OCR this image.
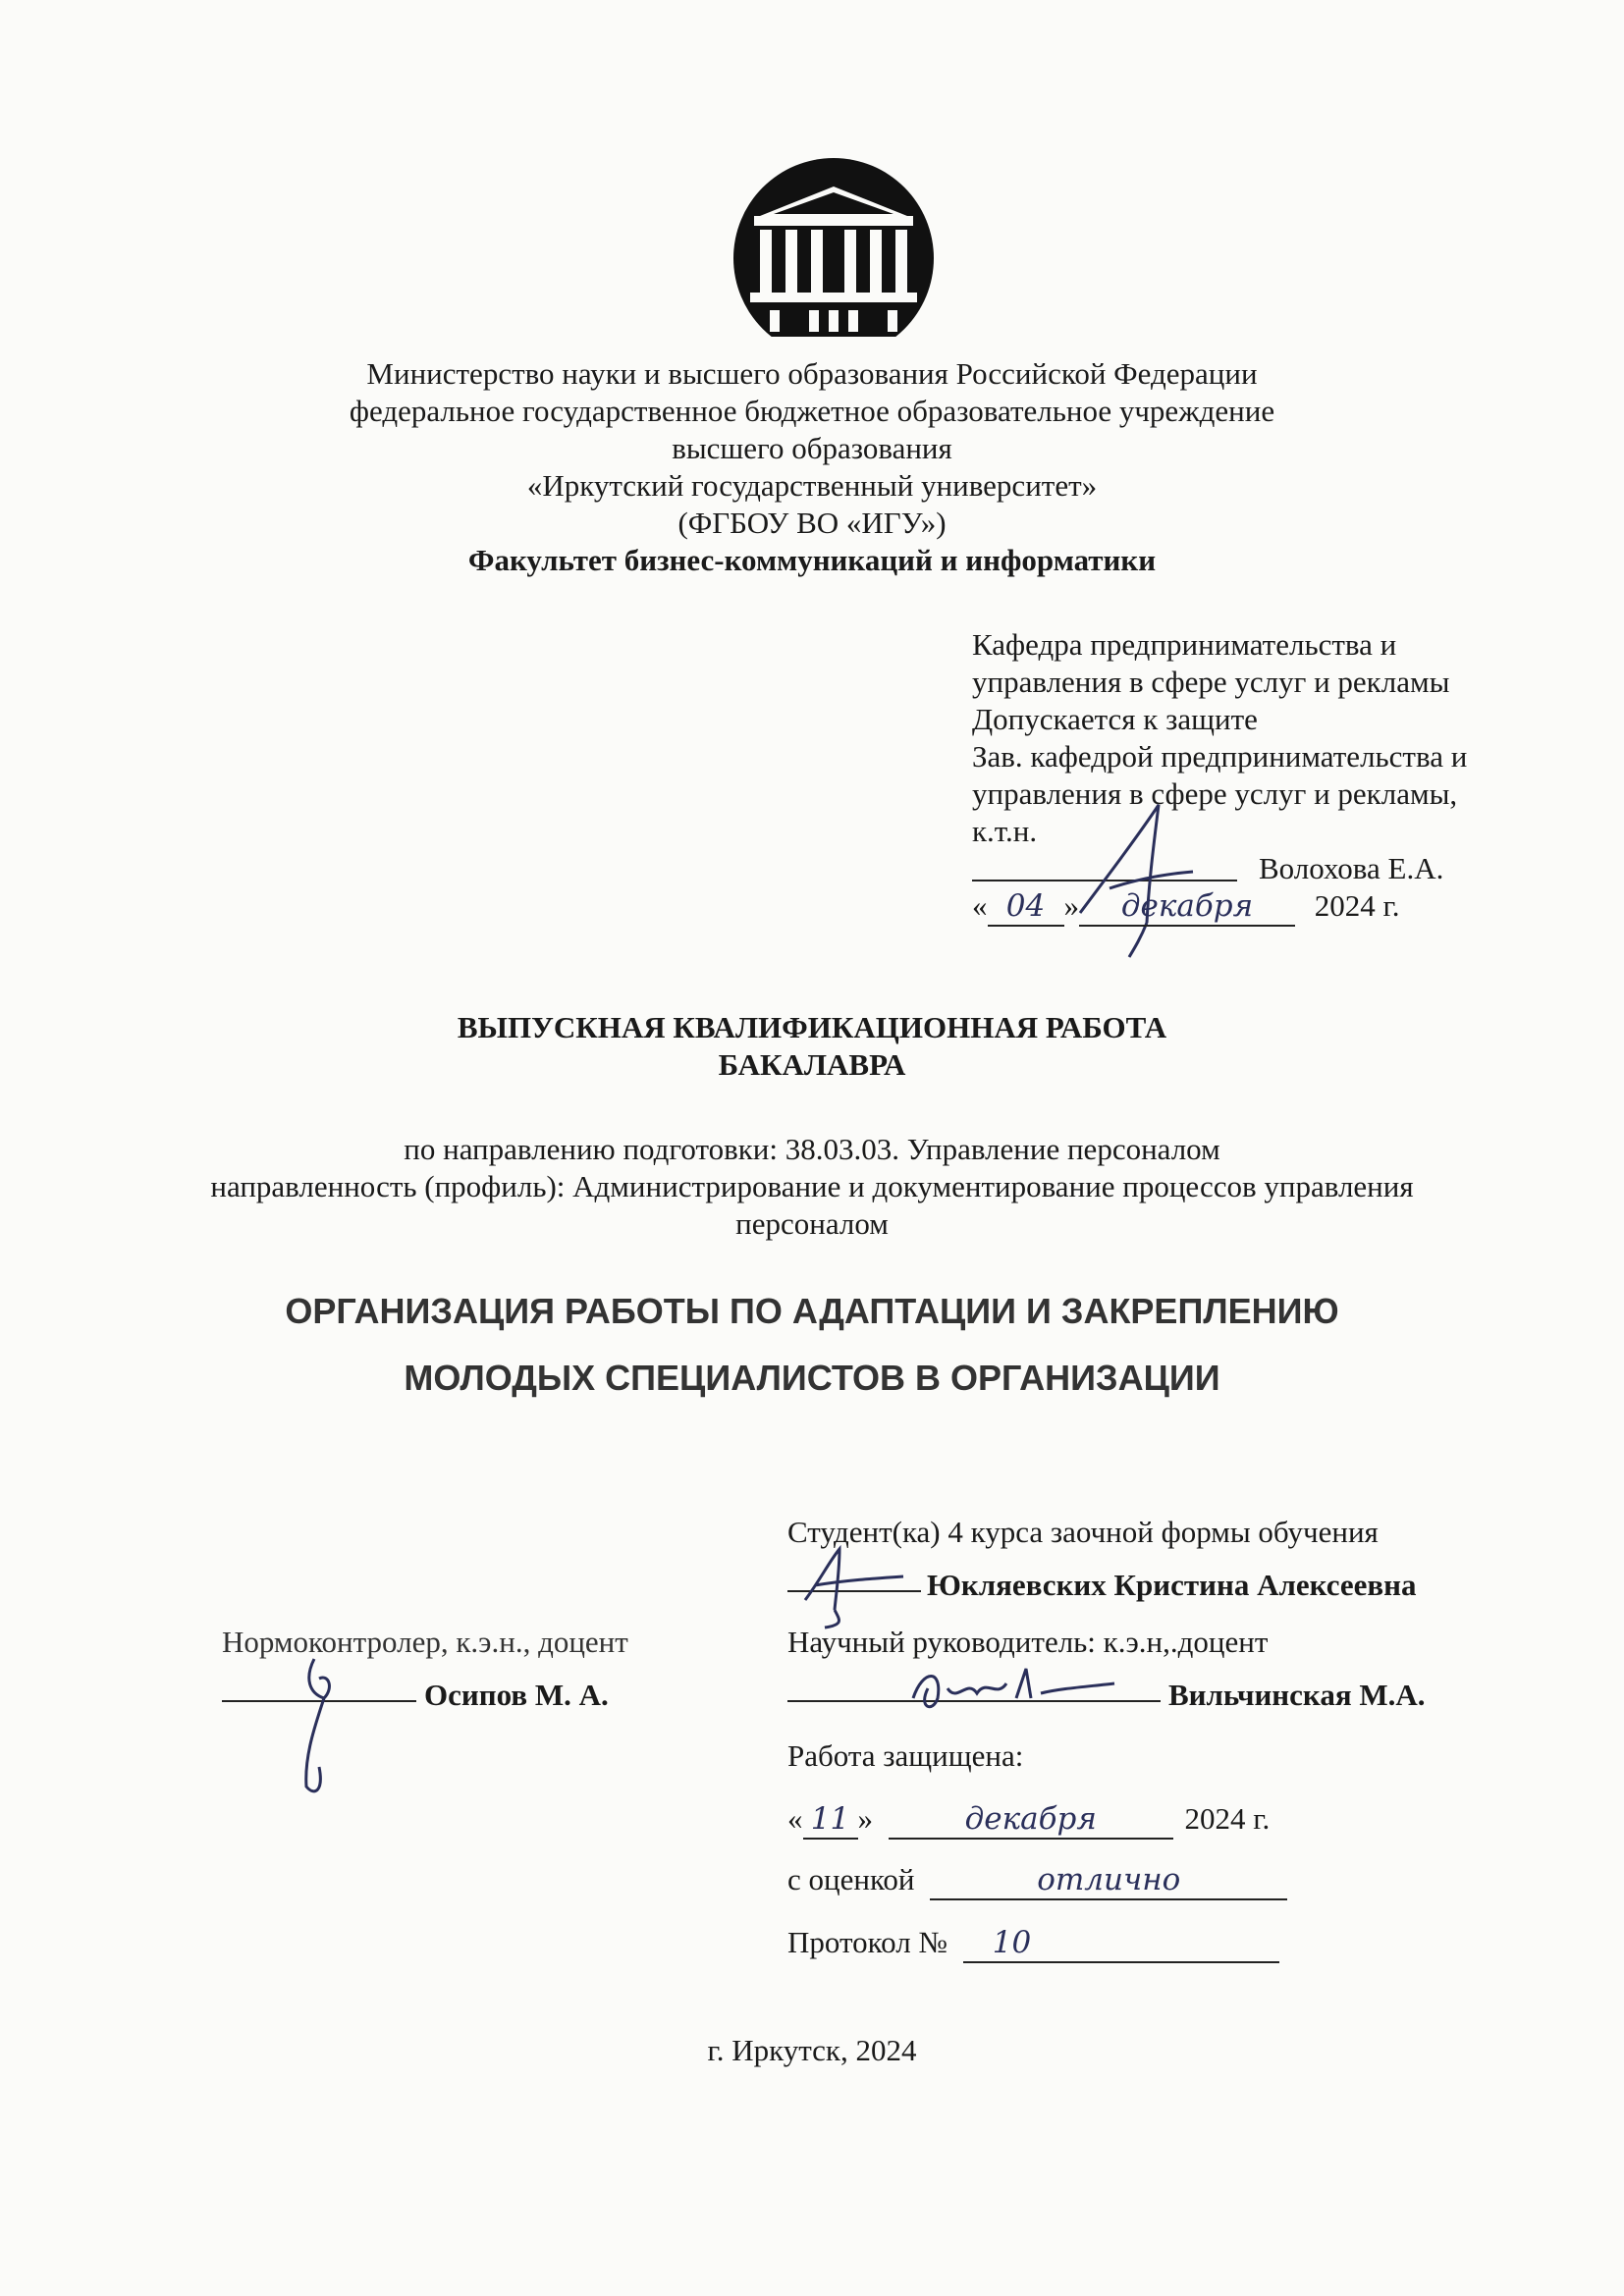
Министерство науки и высшего образования Российской Федерации
федеральное государственное бюджетное образовательное учреждение
высшего образования
«Иркутский государственный университет»
(ФГБОУ ВО «ИГУ»)
Факультет бизнес-коммуникаций и информатики
Кафедра предпринимательства и
управления в сфере услуг и рекламы
Допускается к защите
Зав. кафедрой предпринимательства и
управления в сфере услуг и рекламы,
к.т.н.
Волохова Е.А.
« 04 » декабря 2024 г.
ВЫПУСКНАЯ КВАЛИФИКАЦИОННАЯ РАБОТА
БАКАЛАВРА
по направлению подготовки: 38.03.03. Управление персоналом
направленность (профиль): Администрирование и документирование процессов управления
персоналом
ОРГАНИЗАЦИЯ РАБОТЫ ПО АДАПТАЦИИ И ЗАКРЕПЛЕНИЮ
МОЛОДЫХ СПЕЦИАЛИСТОВ В ОРГАНИЗАЦИИ
Студент(ка) 4 курса заочной формы обучения
Юкляевских Кристина Алексеевна
Нормоконтролер, к.э.н., доцент
Осипов М. А.
Научный руководитель: к.э.н,.доцент
Вильчинская М.А.
Работа защищена:
« 11 »	декабря	2024 г.
с оценкой	отлично
Протокол № 10
г. Иркутск, 2024
